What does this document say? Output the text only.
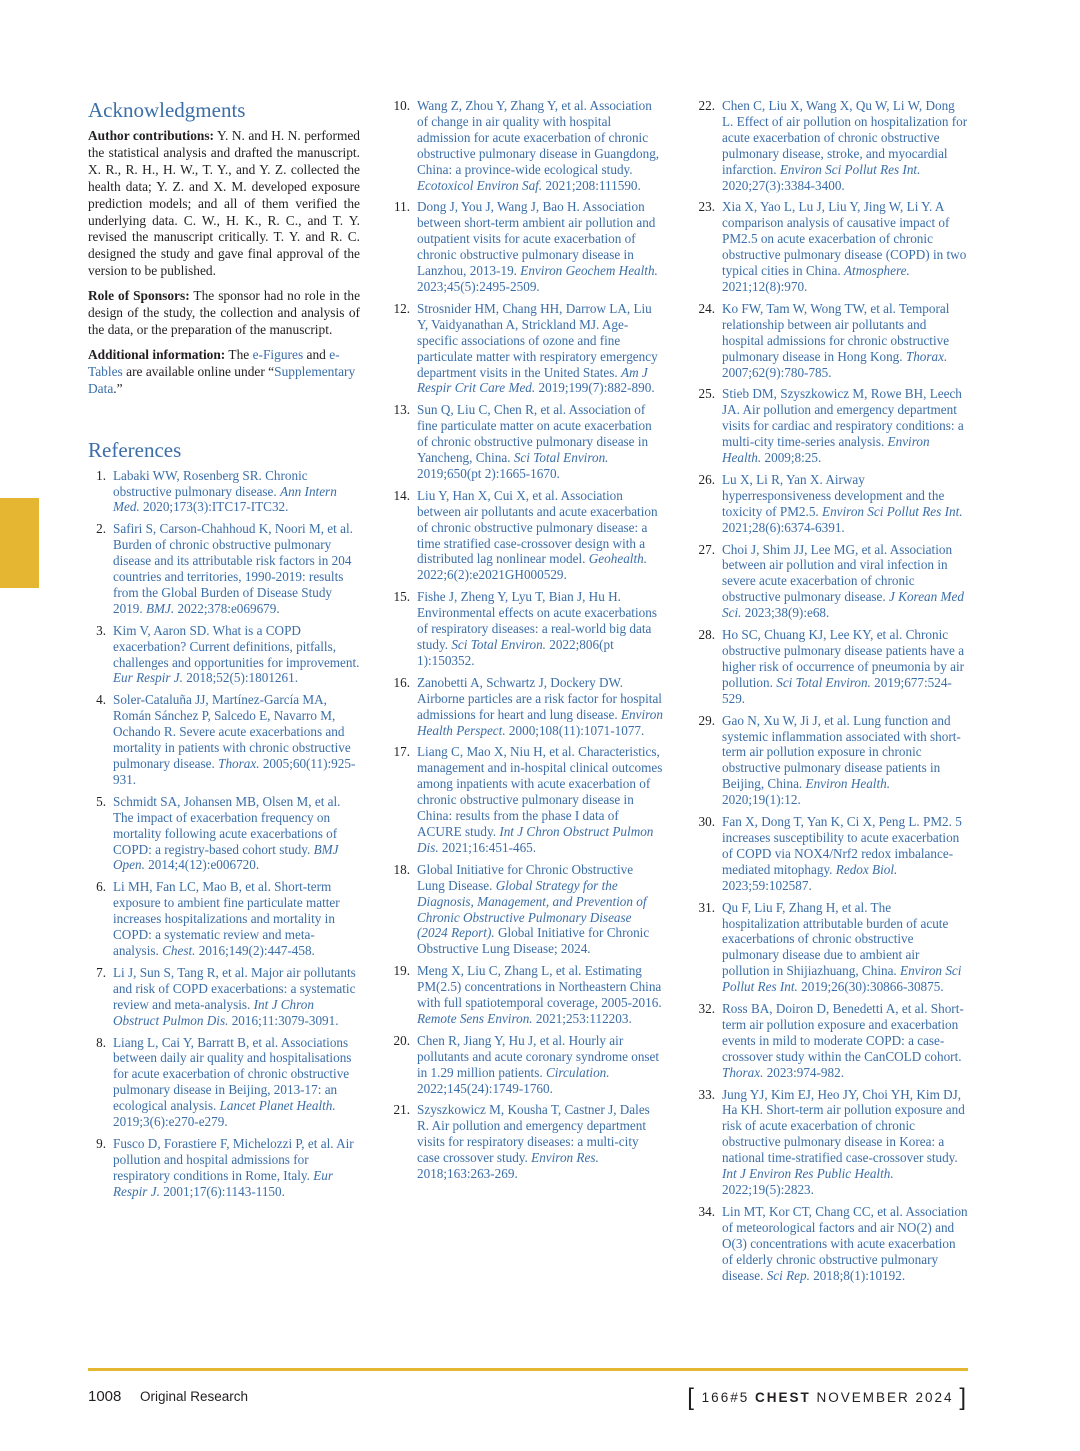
Acknowledgments

Author contributions: Y. N. and H. N. performed the statistical analysis and drafted the manuscript. X. R., R. H., H. W., T. Y., and Y. Z. collected the health data; Y. Z. and X. M. developed exposure prediction models; and all of them verified the underlying data. C. W., H. K., R. C., and T. Y. revised the manuscript critically. T. Y. and R. C. designed the study and gave final approval of the version to be published.

Role of Sponsors: The sponsor had no role in the design of the study, the collection and analysis of the data, or the preparation of the manuscript.

Additional information: The e-Figures and e-Tables are available online under “Supplementary Data.”

References
1. Labaki WW, Rosenberg SR. Chronic obstructive pulmonary disease. Ann Intern Med. 2020;173(3):ITC17-ITC32.
2. Safiri S, Carson-Chahhoud K, Noori M, et al. Burden of chronic obstructive pulmonary disease and its attributable risk factors in 204 countries and territories, 1990-2019: results from the Global Burden of Disease Study 2019. BMJ. 2022;378:e069679.
3. Kim V, Aaron SD. What is a COPD exacerbation? Current definitions, pitfalls, challenges and opportunities for improvement. Eur Respir J. 2018;52(5):1801261.
4. Soler-Cataluña JJ, Martínez-García MA, Román Sánchez P, Salcedo E, Navarro M, Ochando R. Severe acute exacerbations and mortality in patients with chronic obstructive pulmonary disease. Thorax. 2005;60(11):925-931.
5. Schmidt SA, Johansen MB, Olsen M, et al. The impact of exacerbation frequency on mortality following acute exacerbations of COPD: a registry-based cohort study. BMJ Open. 2014;4(12):e006720.
6. Li MH, Fan LC, Mao B, et al. Short-term exposure to ambient fine particulate matter increases hospitalizations and mortality in COPD: a systematic review and meta-analysis. Chest. 2016;149(2):447-458.
7. Li J, Sun S, Tang R, et al. Major air pollutants and risk of COPD exacerbations: a systematic review and meta-analysis. Int J Chron Obstruct Pulmon Dis. 2016;11:3079-3091.
8. Liang L, Cai Y, Barratt B, et al. Associations between daily air quality and hospitalisations for acute exacerbation of chronic obstructive pulmonary disease in Beijing, 2013-17: an ecological analysis. Lancet Planet Health. 2019;3(6):e270-e279.
9. Fusco D, Forastiere F, Michelozzi P, et al. Air pollution and hospital admissions for respiratory conditions in Rome, Italy. Eur Respir J. 2001;17(6):1143-1150.
10. Wang Z, Zhou Y, Zhang Y, et al. Association of change in air quality with hospital admission for acute exacerbation of chronic obstructive pulmonary disease in Guangdong, China: a province-wide ecological study. Ecotoxicol Environ Saf. 2021;208:111590.
11. Dong J, You J, Wang J, Bao H. Association between short-term ambient air pollution and outpatient visits for acute exacerbation of chronic obstructive pulmonary disease in Lanzhou, 2013-19. Environ Geochem Health. 2023;45(5):2495-2509.
12. Strosnider HM, Chang HH, Darrow LA, Liu Y, Vaidyanathan A, Strickland MJ. Age-specific associations of ozone and fine particulate matter with respiratory emergency department visits in the United States. Am J Respir Crit Care Med. 2019;199(7):882-890.
13. Sun Q, Liu C, Chen R, et al. Association of fine particulate matter on acute exacerbation of chronic obstructive pulmonary disease in Yancheng, China. Sci Total Environ. 2019;650(pt 2):1665-1670.
14. Liu Y, Han X, Cui X, et al. Association between air pollutants and acute exacerbation of chronic obstructive pulmonary disease: a time stratified case-crossover design with a distributed lag nonlinear model. Geohealth. 2022;6(2):e2021GH000529.
15. Fishe J, Zheng Y, Lyu T, Bian J, Hu H. Environmental effects on acute exacerbations of respiratory diseases: a real-world big data study. Sci Total Environ. 2022;806(pt 1):150352.
16. Zanobetti A, Schwartz J, Dockery DW. Airborne particles are a risk factor for hospital admissions for heart and lung disease. Environ Health Perspect. 2000;108(11):1071-1077.
17. Liang C, Mao X, Niu H, et al. Characteristics, management and in-hospital clinical outcomes among inpatients with acute exacerbation of chronic obstructive pulmonary disease in China: results from the phase I data of ACURE study. Int J Chron Obstruct Pulmon Dis. 2021;16:451-465.
18. Global Initiative for Chronic Obstructive Lung Disease. Global Strategy for the Diagnosis, Management, and Prevention of Chronic Obstructive Pulmonary Disease (2024 Report). Global Initiative for Chronic Obstructive Lung Disease; 2024.
19. Meng X, Liu C, Zhang L, et al. Estimating PM(2.5) concentrations in Northeastern China with full spatiotemporal coverage, 2005-2016. Remote Sens Environ. 2021;253:112203.
20. Chen R, Jiang Y, Hu J, et al. Hourly air pollutants and acute coronary syndrome onset in 1.29 million patients. Circulation. 2022;145(24):1749-1760.
21. Szyszkowicz M, Kousha T, Castner J, Dales R. Air pollution and emergency department visits for respiratory diseases: a multi-city case crossover study. Environ Res. 2018;163:263-269.
22. Chen C, Liu X, Wang X, Qu W, Li W, Dong L. Effect of air pollution on hospitalization for acute exacerbation of chronic obstructive pulmonary disease, stroke, and myocardial infarction. Environ Sci Pollut Res Int. 2020;27(3):3384-3400.
23. Xia X, Yao L, Lu J, Liu Y, Jing W, Li Y. A comparison analysis of causative impact of PM2.5 on acute exacerbation of chronic obstructive pulmonary disease (COPD) in two typical cities in China. Atmosphere. 2021;12(8):970.
24. Ko FW, Tam W, Wong TW, et al. Temporal relationship between air pollutants and hospital admissions for chronic obstructive pulmonary disease in Hong Kong. Thorax. 2007;62(9):780-785.
25. Stieb DM, Szyszkowicz M, Rowe BH, Leech JA. Air pollution and emergency department visits for cardiac and respiratory conditions: a multi-city time-series analysis. Environ Health. 2009;8:25.
26. Lu X, Li R, Yan X. Airway hyperresponsiveness development and the toxicity of PM2.5. Environ Sci Pollut Res Int. 2021;28(6):6374-6391.
27. Choi J, Shim JJ, Lee MG, et al. Association between air pollution and viral infection in severe acute exacerbation of chronic obstructive pulmonary disease. J Korean Med Sci. 2023;38(9):e68.
28. Ho SC, Chuang KJ, Lee KY, et al. Chronic obstructive pulmonary disease patients have a higher risk of occurrence of pneumonia by air pollution. Sci Total Environ. 2019;677:524-529.
29. Gao N, Xu W, Ji J, et al. Lung function and systemic inflammation associated with short-term air pollution exposure in chronic obstructive pulmonary disease patients in Beijing, China. Environ Health. 2020;19(1):12.
30. Fan X, Dong T, Yan K, Ci X, Peng L. PM2. 5 increases susceptibility to acute exacerbation of COPD via NOX4/Nrf2 redox imbalance-mediated mitophagy. Redox Biol. 2023;59:102587.
31. Qu F, Liu F, Zhang H, et al. The hospitalization attributable burden of acute exacerbations of chronic obstructive pulmonary disease due to ambient air pollution in Shijiazhuang, China. Environ Sci Pollut Res Int. 2019;26(30):30866-30875.
32. Ross BA, Doiron D, Benedetti A, et al. Short-term air pollution exposure and exacerbation events in mild to moderate COPD: a case-crossover study within the CanCOLD cohort. Thorax. 2023:974-982.
33. Jung YJ, Kim EJ, Heo JY, Choi YH, Kim DJ, Ha KH. Short-term air pollution exposure and risk of acute exacerbation of chronic obstructive pulmonary disease in Korea: a national time-stratified case-crossover study. Int J Environ Res Public Health. 2022;19(5):2823.
34. Lin MT, Kor CT, Chang CC, et al. Association of meteorological factors and air NO(2) and O(3) concentrations with acute exacerbation of elderly chronic obstructive pulmonary disease. Sci Rep. 2018;8(1):10192.
1008 Original Research	[ 166#5 CHEST NOVEMBER 2024 ]
